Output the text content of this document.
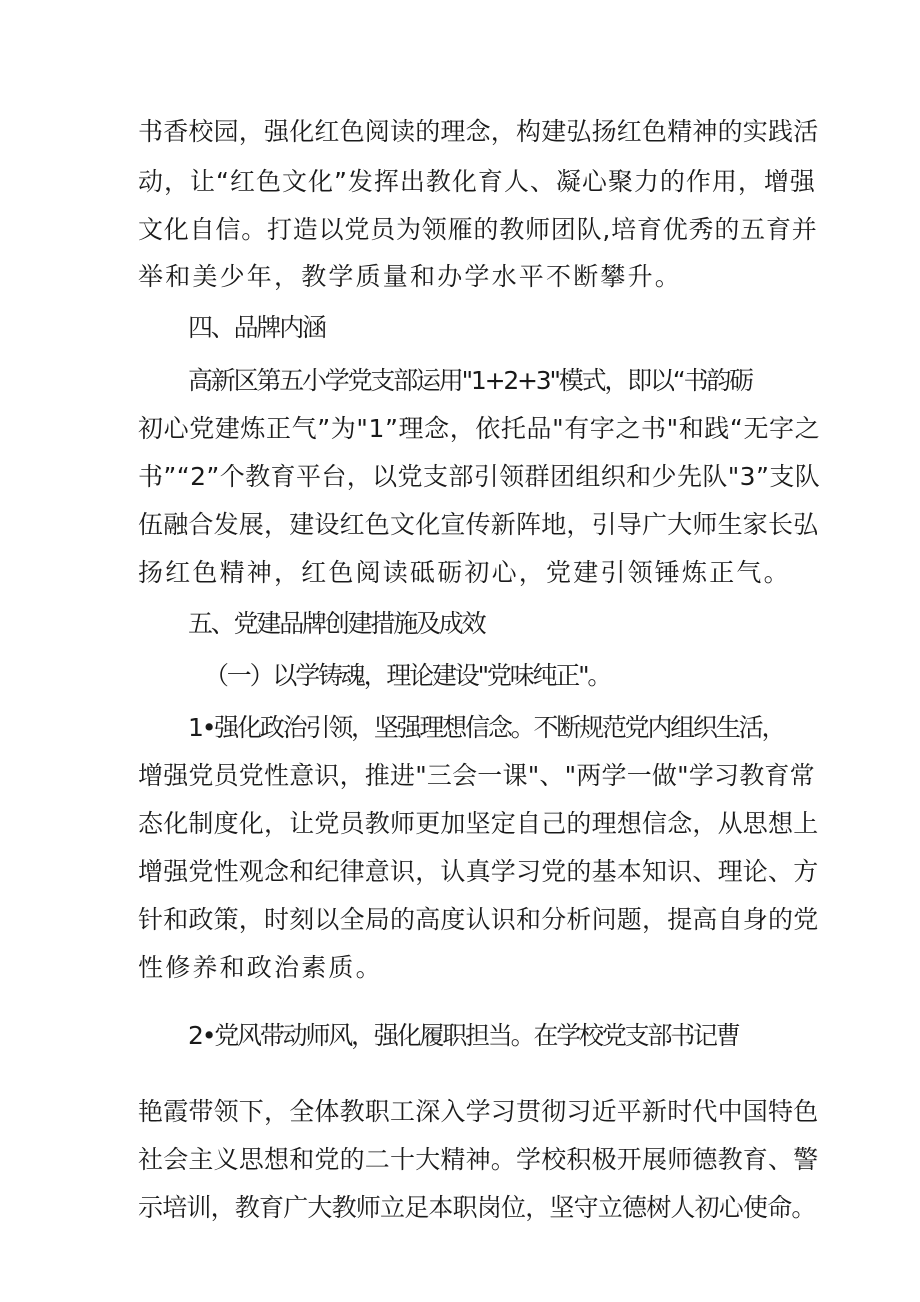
书香校园，强化红色阅读的理念，构建弘扬红色精神的实践活

动，让“红色文化”发挥出教化育人、凝心聚力的作用，增强

文化自信。打造以党员为领雁的教师团队,培育优秀的五育并

举和美少年，教学质量和办学水平不断攀升。

四、品牌内涵

高新区第五小学党支部运用"1+2+3"模式，即以“书韵砺

初心党建炼正气”为"1”理念，依托品"有字之书"和践“无字之

书”“2”个教育平台，以党支部引领群团组织和少先队"3”支队

伍融合发展，建设红色文化宣传新阵地，引导广大师生家长弘

扬红色精神，红色阅读砥砺初心，党建引领锤炼正气。

五、党建品牌创建措施及成效

（一）以学铸魂，理论建设"党味纯正"。

1•强化政治引领，坚强理想信念。不断规范党内组织生活，

增强党员党性意识，推进"三会一课"、"两学一做"学习教育常

态化制度化，让党员教师更加坚定自己的理想信念，从思想上

增强党性观念和纪律意识，认真学习党的基本知识、理论、方

针和政策，时刻以全局的高度认识和分析问题，提高自身的党

性修养和政治素质。

2•党风带动师风，强化履职担当。在学校党支部书记曹

艳霞带领下，全体教职工深入学习贯彻习近平新时代中国特色

社会主义思想和党的二十大精神。学校积极开展师德教育、警

示培训，教育广大教师立足本职岗位，坚守立德树人初心使命。
